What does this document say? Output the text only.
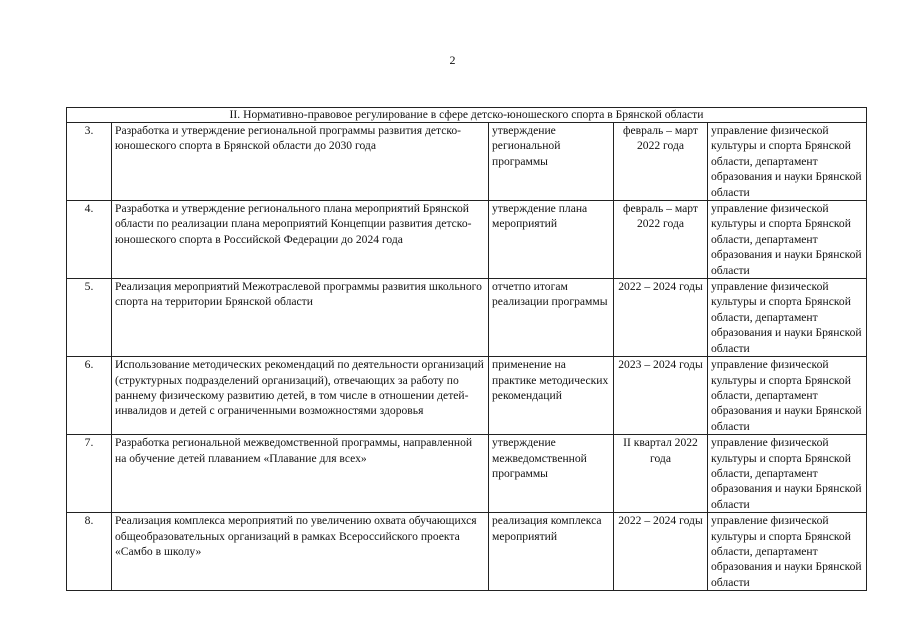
2
II. Нормативно-правовое регулирование в сфере детско-юношеского спорта в Брянской области				
3.	Разработка и утверждение региональной программы развития детско-юношеского спорта в Брянской области до 2030 года	утверждение региональной программы	февраль – март 2022 года	управление физической культуры и спорта Брянской области, департамент образования и науки Брянской области
4.	Разработка и утверждение регионального плана мероприятий Брянской области по реализации плана мероприятий Концепции развития детско-юношеского спорта в Российской Федерации до 2024 года	утверждение плана мероприятий	февраль – март 2022 года	управление физической культуры и спорта Брянской области, департамент образования и науки Брянской области
5.	Реализация мероприятий Межотраслевой программы развития школьного спорта на территории Брянской области	отчетпо итогам реализации программы	2022 – 2024 годы	управление физической культуры и спорта Брянской области, департамент образования и науки Брянской области
6.	Использование методических рекомендаций по деятельности организаций (структурных подразделений организаций), отвечающих за работу по раннему физическому развитию детей, в том числе в отношении детей-инвалидов и детей с ограниченными возможностями здоровья	применение на практике методических рекомендаций	2023 – 2024 годы	управление физической культуры и спорта Брянской области, департамент образования и науки Брянской области
7.	Разработка региональной межведомственной программы, направленной на обучение детей плаванием «Плавание для всех»	утверждение межведомственной программы	II квартал 2022 года	управление физической культуры и спорта Брянской области, департамент образования и науки Брянской области
8.	Реализация комплекса мероприятий по увеличению охвата обучающихся общеобразовательных организаций в рамках Всероссийского проекта «Самбо в школу»	реализация комплекса мероприятий	2022 – 2024 годы	управление физической культуры и спорта Брянской области, департамент образования и науки Брянской области
